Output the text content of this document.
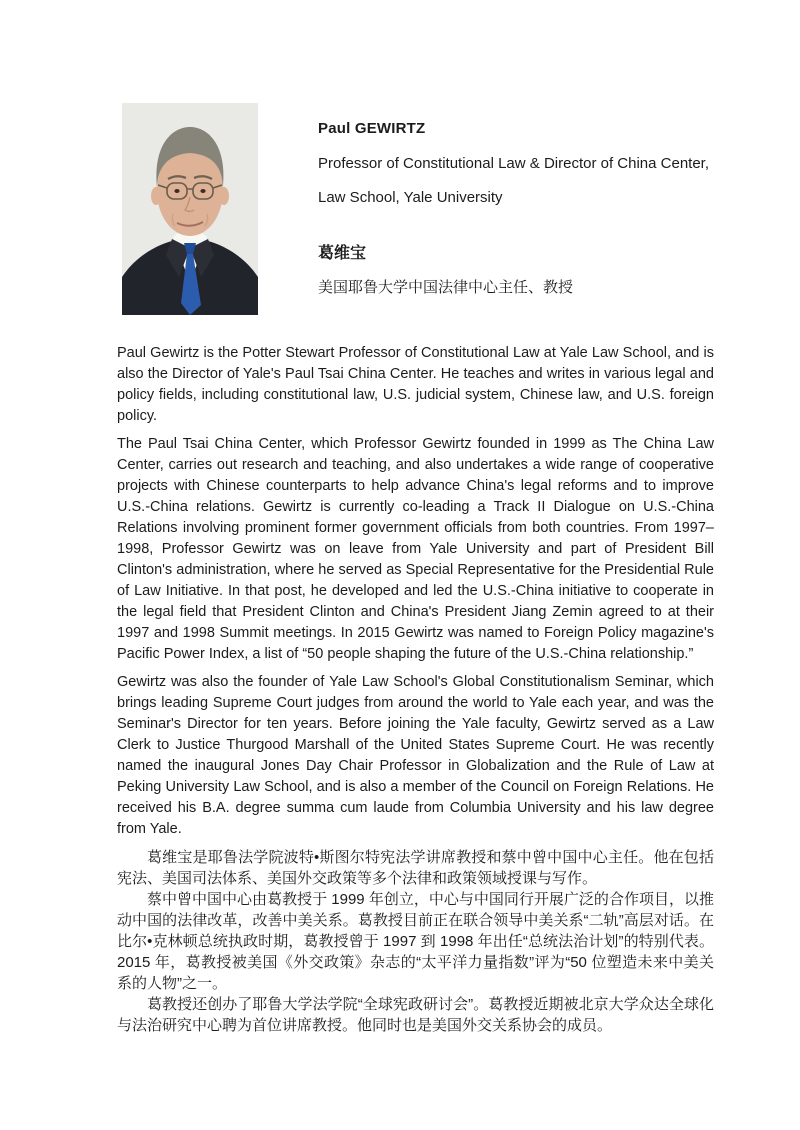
Paul GEWIRTZ
Professor of Constitutional Law & Director of China Center,
Law School, Yale University
葛维宝
美国耶鲁大学中国法律中心主任、教授

Paul Gewirtz is the Potter Stewart Professor of Constitutional Law at Yale Law School, and is also the Director of Yale's Paul Tsai China Center. He teaches and writes in various legal and policy fields, including constitutional law, U.S. judicial system, Chinese law, and U.S. foreign policy.

The Paul Tsai China Center, which Professor Gewirtz founded in 1999 as The China Law Center, carries out research and teaching, and also undertakes a wide range of cooperative projects with Chinese counterparts to help advance China's legal reforms and to improve U.S.-China relations. Gewirtz is currently co-leading a Track II Dialogue on U.S.-China Relations involving prominent former government officials from both countries. From 1997–1998, Professor Gewirtz was on leave from Yale University and part of President Bill Clinton's administration, where he served as Special Representative for the Presidential Rule of Law Initiative. In that post, he developed and led the U.S.-China initiative to cooperate in the legal field that President Clinton and China's President Jiang Zemin agreed to at their 1997 and 1998 Summit meetings. In 2015 Gewirtz was named to Foreign Policy magazine's Pacific Power Index, a list of “50 people shaping the future of the U.S.-China relationship.”

Gewirtz was also the founder of Yale Law School's Global Constitutionalism Seminar, which brings leading Supreme Court judges from around the world to Yale each year, and was the Seminar's Director for ten years. Before joining the Yale faculty, Gewirtz served as a Law Clerk to Justice Thurgood Marshall of the United States Supreme Court. He was recently named the inaugural Jones Day Chair Professor in Globalization and the Rule of Law at Peking University Law School, and is also a member of the Council on Foreign Relations. He received his B.A. degree summa cum laude from Columbia University and his law degree from Yale.

葛维宝是耶鲁法学院波特•斯图尔特宪法学讲席教授和蔡中曾中国中心主任。他在包括宪法、美国司法体系、美国外交政策等多个法律和政策领域授课与写作。

蔡中曾中国中心由葛教授于 1999 年创立，中心与中国同行开展广泛的合作项目，以推动中国的法律改革，改善中美关系。葛教授目前正在联合领导中美关系“二轨”高层对话。在比尔•克林顿总统执政时期，葛教授曾于 1997 到 1998 年出任“总统法治计划”的特别代表。2015 年，葛教授被美国《外交政策》杂志的“太平洋力量指数”评为“50 位塑造未来中美关系的人物”之一。

葛教授还创办了耶鲁大学法学院“全球宪政研讨会”。葛教授近期被北京大学众达全球化与法治研究中心聘为首位讲席教授。他同时也是美国外交关系协会的成员。
